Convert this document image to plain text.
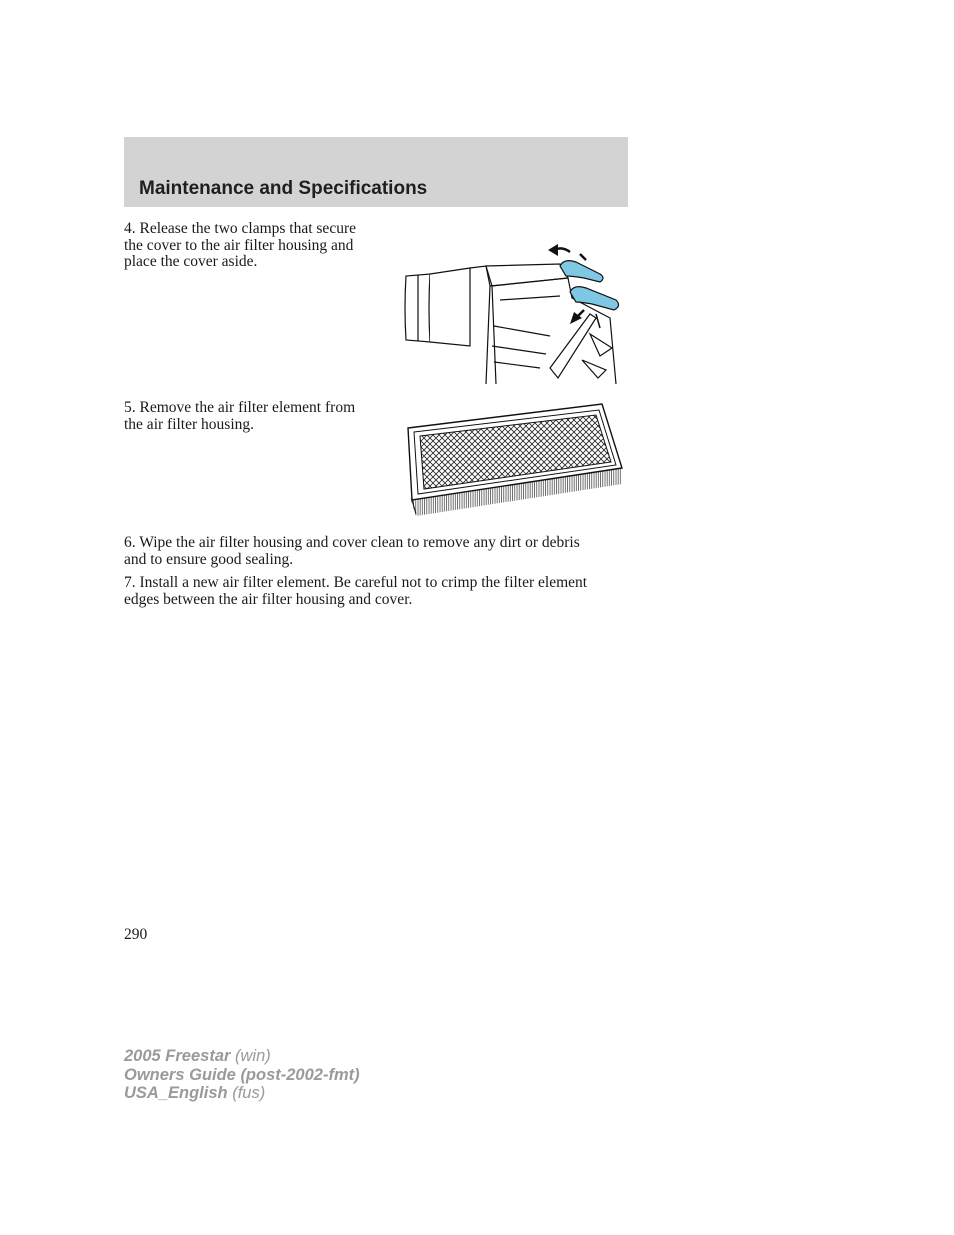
Maintenance and Specifications

4. Release the two clamps that secure the cover to the air filter housing and place the cover aside.

5. Remove the air filter element from the air filter housing.

6. Wipe the air filter housing and cover clean to remove any dirt or debris and to ensure good sealing.

7. Install a new air filter element. Be careful not to crimp the filter element edges between the air filter housing and cover.

290
2005 Freestar (win)
Owners Guide (post-2002-fmt)
USA_English (fus)
